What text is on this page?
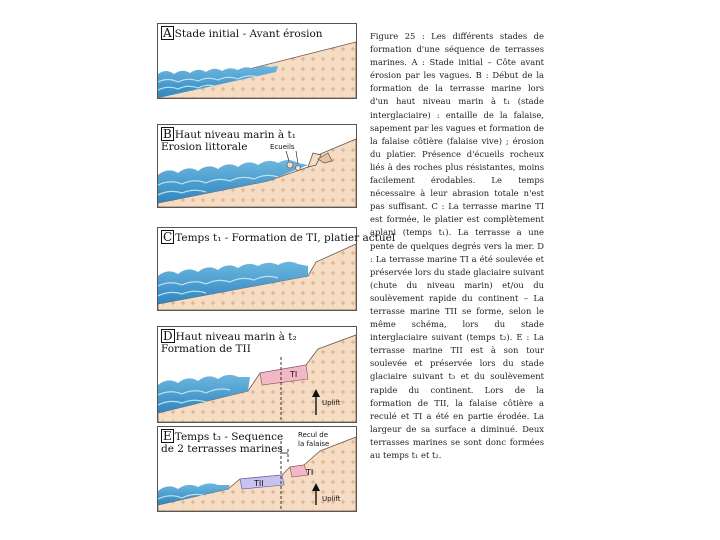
A Stade initial - Avant érosion
Ecueils
B Haut niveau marin à t₁
Erosion littorale
C Temps t₁ - Formation de TI, platier actuel
TI
Uplift
D Haut niveau marin à t₂
Formation de TII
TII
TI
Recul de la falaise
Uplift
E Temps t₃ - Sequence
de 2 terrasses marines
Figure 25 : Les différents stades de formation d'une séquence de terrasses marines. A : Stade initial – Côte avant érosion par les vagues. B : Début de la formation de la terrasse marine lors d'un haut niveau marin à t₁ (stade interglaciaire) : entaille de la falaise, sapement par les vagues et formation de la falaise côtière (falaise vive) ; érosion du platier. Présence d'écueils rocheux liés à des roches plus résistantes, moins facilement érodables. Le temps nécessaire à leur abrasion totale n'est pas suffisant. C : La terrasse marine TI est formée, le platier est complètement aplani (temps t₁). La terrasse a une pente de quelques degrés vers la mer. D : La terrasse marine TI a été soulevée et préservée lors du stade glaciaire suivant (chute du niveau marin) et/ou du soulèvement rapide du continent – La terrasse marine TII se forme, selon le même schéma, lors du stade interglaciaire suivant (temps t₂). E : La terrasse marine TII est à son tour soulevée et préservée lors du stade glaciaire suivant t₃ et du soulèvement rapide du continent. Lors de la formation de TII, la falaise côtière a reculé et TI a été en partie érodée. La largeur de sa surface a diminué. Deux terrasses marines se sont donc formées au temps t₁ et t₂.
